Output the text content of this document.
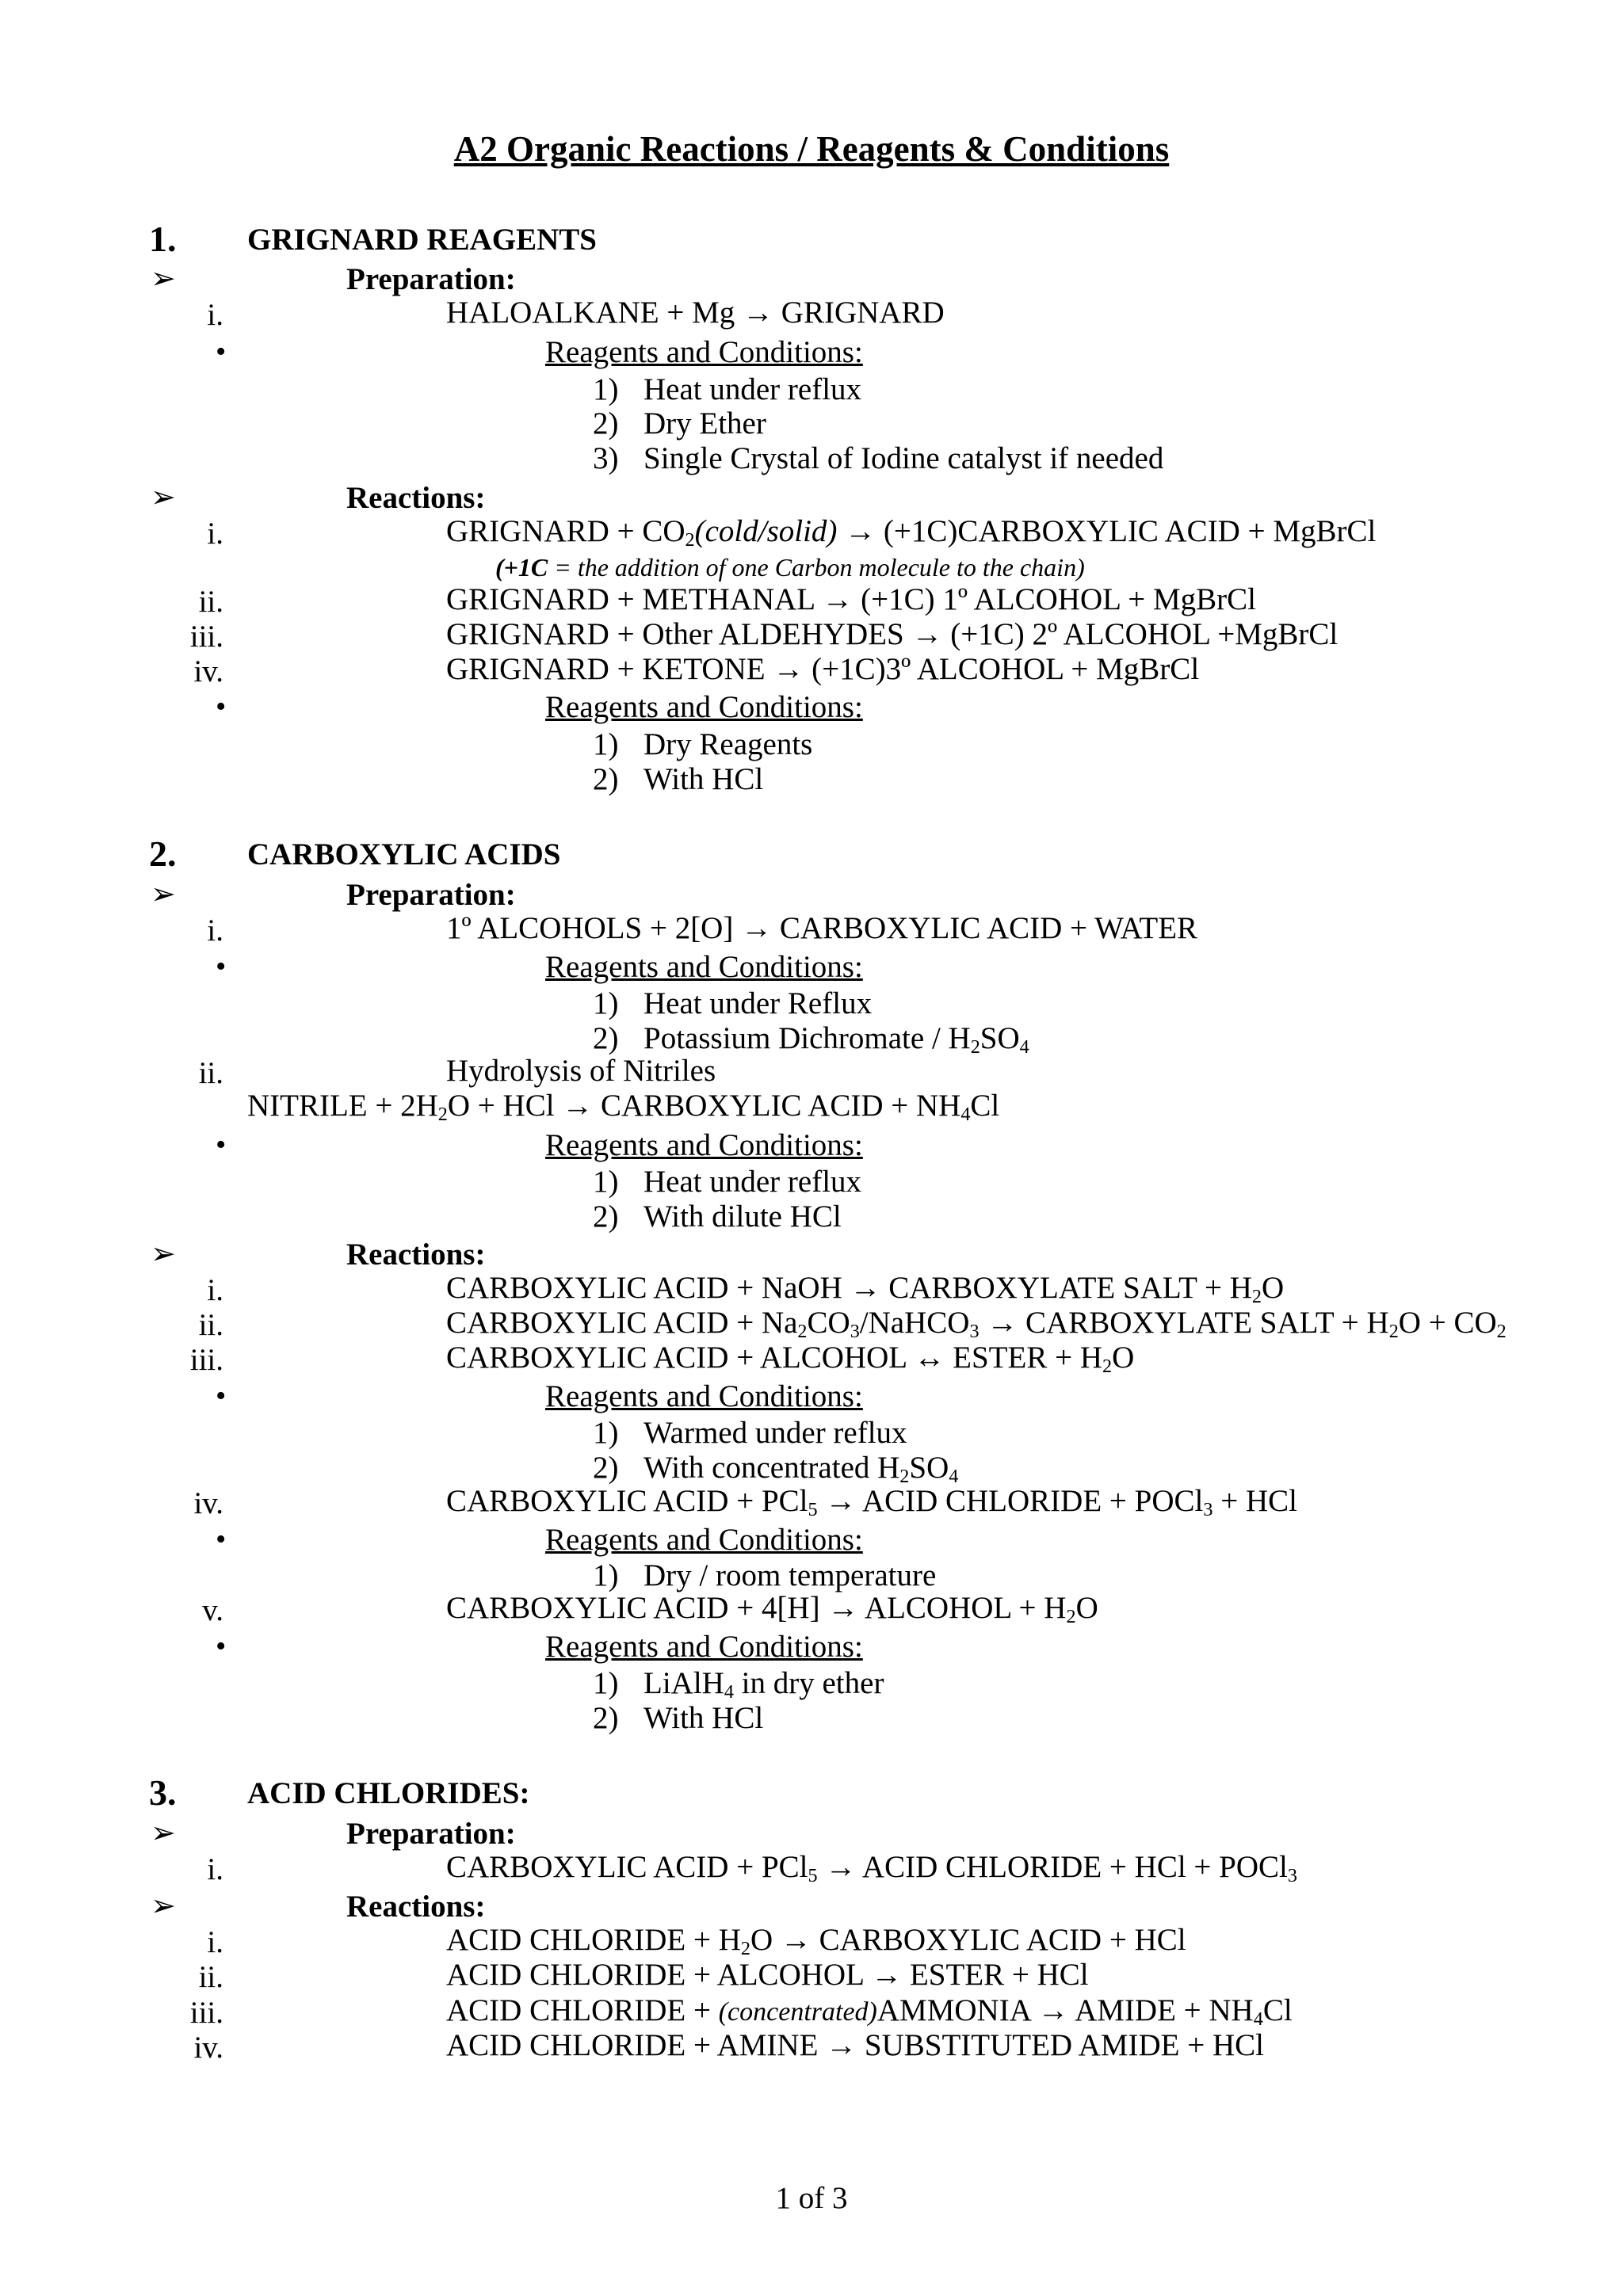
A2 Organic Reactions / Reagents & Conditions
1. GRIGNARD REAGENTS
➢	Preparation:
i.	HALOALKANE + Mg → GRIGNARD
•	Reagents and Conditions:
1) Heat under reflux
2) Dry Ether
3) Single Crystal of Iodine catalyst if needed
➢	Reactions:
i.	GRIGNARD + $CO_2(cold/solid)$ → (+1C)CARBOXYLIC ACID + MgBrCl
(+1C = the addition of one Carbon molecule to the chain)
ii.	GRIGNARD + METHANAL → (+1C) 1º ALCOHOL + MgBrCl
iii.	GRIGNARD + Other ALDEHYDES → (+1C) 2º ALCOHOL +MgBrCl
iv.	GRIGNARD + KETONE → (+1C)3º ALCOHOL + MgBrCl
•	Reagents and Conditions:
1) Dry Reagents
2) With HCl
2. CARBOXYLIC ACIDS
➢	Preparation:
i.	1º ALCOHOLS + 2[O] → CARBOXYLIC ACID + WATER
•	Reagents and Conditions:
1) Heat under Reflux
2) Potassium Dichromate / $H_2SO_4$
ii.	Hydrolysis of Nitriles
NITRILE + $2H_2O$ + HCl → CARBOXYLIC ACID + $NH_4Cl$
•	Reagents and Conditions:
1) Heat under reflux
2) With dilute HCl
➢	Reactions:
i.	CARBOXYLIC ACID + NaOH → CARBOXYLATE SALT + $H_2O$
ii.	CARBOXYLIC ACID + $Na_2CO_3/NaHCO_3$ → CARBOXYLATE SALT + $H_2O + CO_2$
iii.	CARBOXYLIC ACID + ALCOHOL ↔ ESTER + $H_2O$
•	Reagents and Conditions:
1) Warmed under reflux
2) With concentrated $H_2SO_4$
iv.	CARBOXYLIC ACID + PCl$_5$ → ACID CHLORIDE + POCl$_3$ + HCl
•	Reagents and Conditions:
1) Dry / room temperature
v.	CARBOXYLIC ACID + 4[H] → ALCOHOL + $H_2O$
•	Reagents and Conditions:
1) LiAlH$_4$ in dry ether
2) With HCl
3. ACID CHLORIDES:
➢	Preparation:
i.	CARBOXYLIC ACID + PCl$_5$ → ACID CHLORIDE + HCl + POCl$_3$
➢	Reactions:
i.	ACID CHLORIDE + $H_2O$ → CARBOXYLIC ACID + HCl
ii.	ACID CHLORIDE + ALCOHOL → ESTER + HCl
iii.	ACID CHLORIDE + (concentrated)AMMONIA → AMIDE + $NH_4Cl$
iv.	ACID CHLORIDE + AMINE → SUBSTITUTED AMIDE + HCl
1 of 3
